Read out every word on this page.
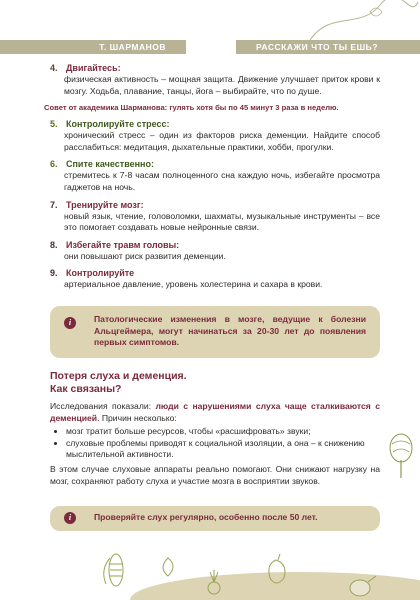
Т. ШАРМАНОВ	РАССКАЖИ ЧТО ТЫ ЕШЬ?
4. Двигайтесь:
физическая активность – мощная защита. Движение улучшает приток крови к мозгу. Ходьба, плавание, танцы, йога – выбирайте, что по душе.
Совет от академика Шарманова: гулять хотя бы по 45 минут 3 раза в неделю.
5. Контролируйте стресс:
хронический стресс – один из факторов риска деменции. Найдите способ расслабиться: медитация, дыхательные практики, хобби, прогулки.
6. Спите качественно:
стремитесь к 7-8 часам полноценного сна каждую ночь, избегайте просмотра гаджетов на ночь.
7. Тренируйте мозг:
новый язык, чтение, головоломки, шахматы, музыкальные инструменты – все это помогает создавать новые нейронные связи.
8. Избегайте травм головы:
они повышают риск развития деменции.
9. Контролируйте
артериальное давление, уровень холестерина и сахара в крови.
i	Патологические изменения в мозге, ведущие к болезни Альцгеймера, могут начинаться за 20-30 лет до появления первых симптомов.
Потеря слуха и деменция.
Как связаны?
Исследования показали: люди с нарушениями слуха чаще сталкиваются с деменцией. Причин несколько:
• мозг тратит больше ресурсов, чтобы «расшифровать» звуки;
• слуховые проблемы приводят к социальной изоляции, а она – к снижению мыслительной активности.
В этом случае слуховые аппараты реально помогают. Они снижают нагрузку на мозг, сохраняют работу слуха и участие мозга в восприятии звуков.
i	Проверяйте слух регулярно, особенно после 50 лет.
